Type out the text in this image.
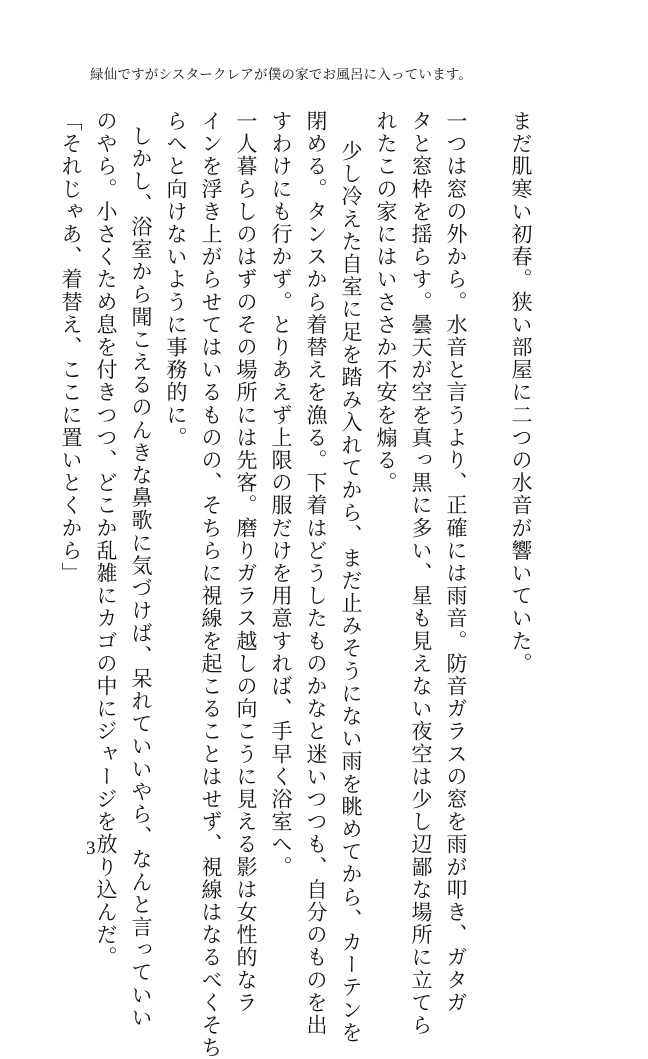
緑仙ですがシスタークレアが僕の家でお風呂に入っています。
まだ肌寒い初春。狭い部屋に二つの水音が響いていた。
一つは窓の外から。水音と言うより、正確には雨音。防音ガラスの窓を雨が叩き、ガタガ
タと窓枠を揺らす。曇天が空を真っ黒に多い、星も見えない夜空は少し辺鄙な場所に立てら
れたこの家にはいささか不安を煽る。
少し冷えた自室に足を踏み入れてから、まだ止みそうにない雨を眺めてから、カーテンを
閉める。タンスから着替えを漁る。下着はどうしたものかなと迷いつつも、自分のものを出
すわけにも行かず。とりあえず上限の服だけを用意すれば、手早く浴室へ。
一人暮らしのはずのその場所には先客。磨りガラス越しの向こうに見える影は女性的なラ
インを浮き上がらせてはいるものの、そちらに視線を起こることはせず、視線はなるべくそち
らへと向けないように事務的に。
しかし、浴室から聞こえるのんきな鼻歌に気づけば、呆れていいやら、なんと言っていい
のやら。小さくため息を付きつつ、どこか乱雑にカゴの中にジャージを放り込んだ。
「それじゃあ、着替え、ここに置いとくから」
3
